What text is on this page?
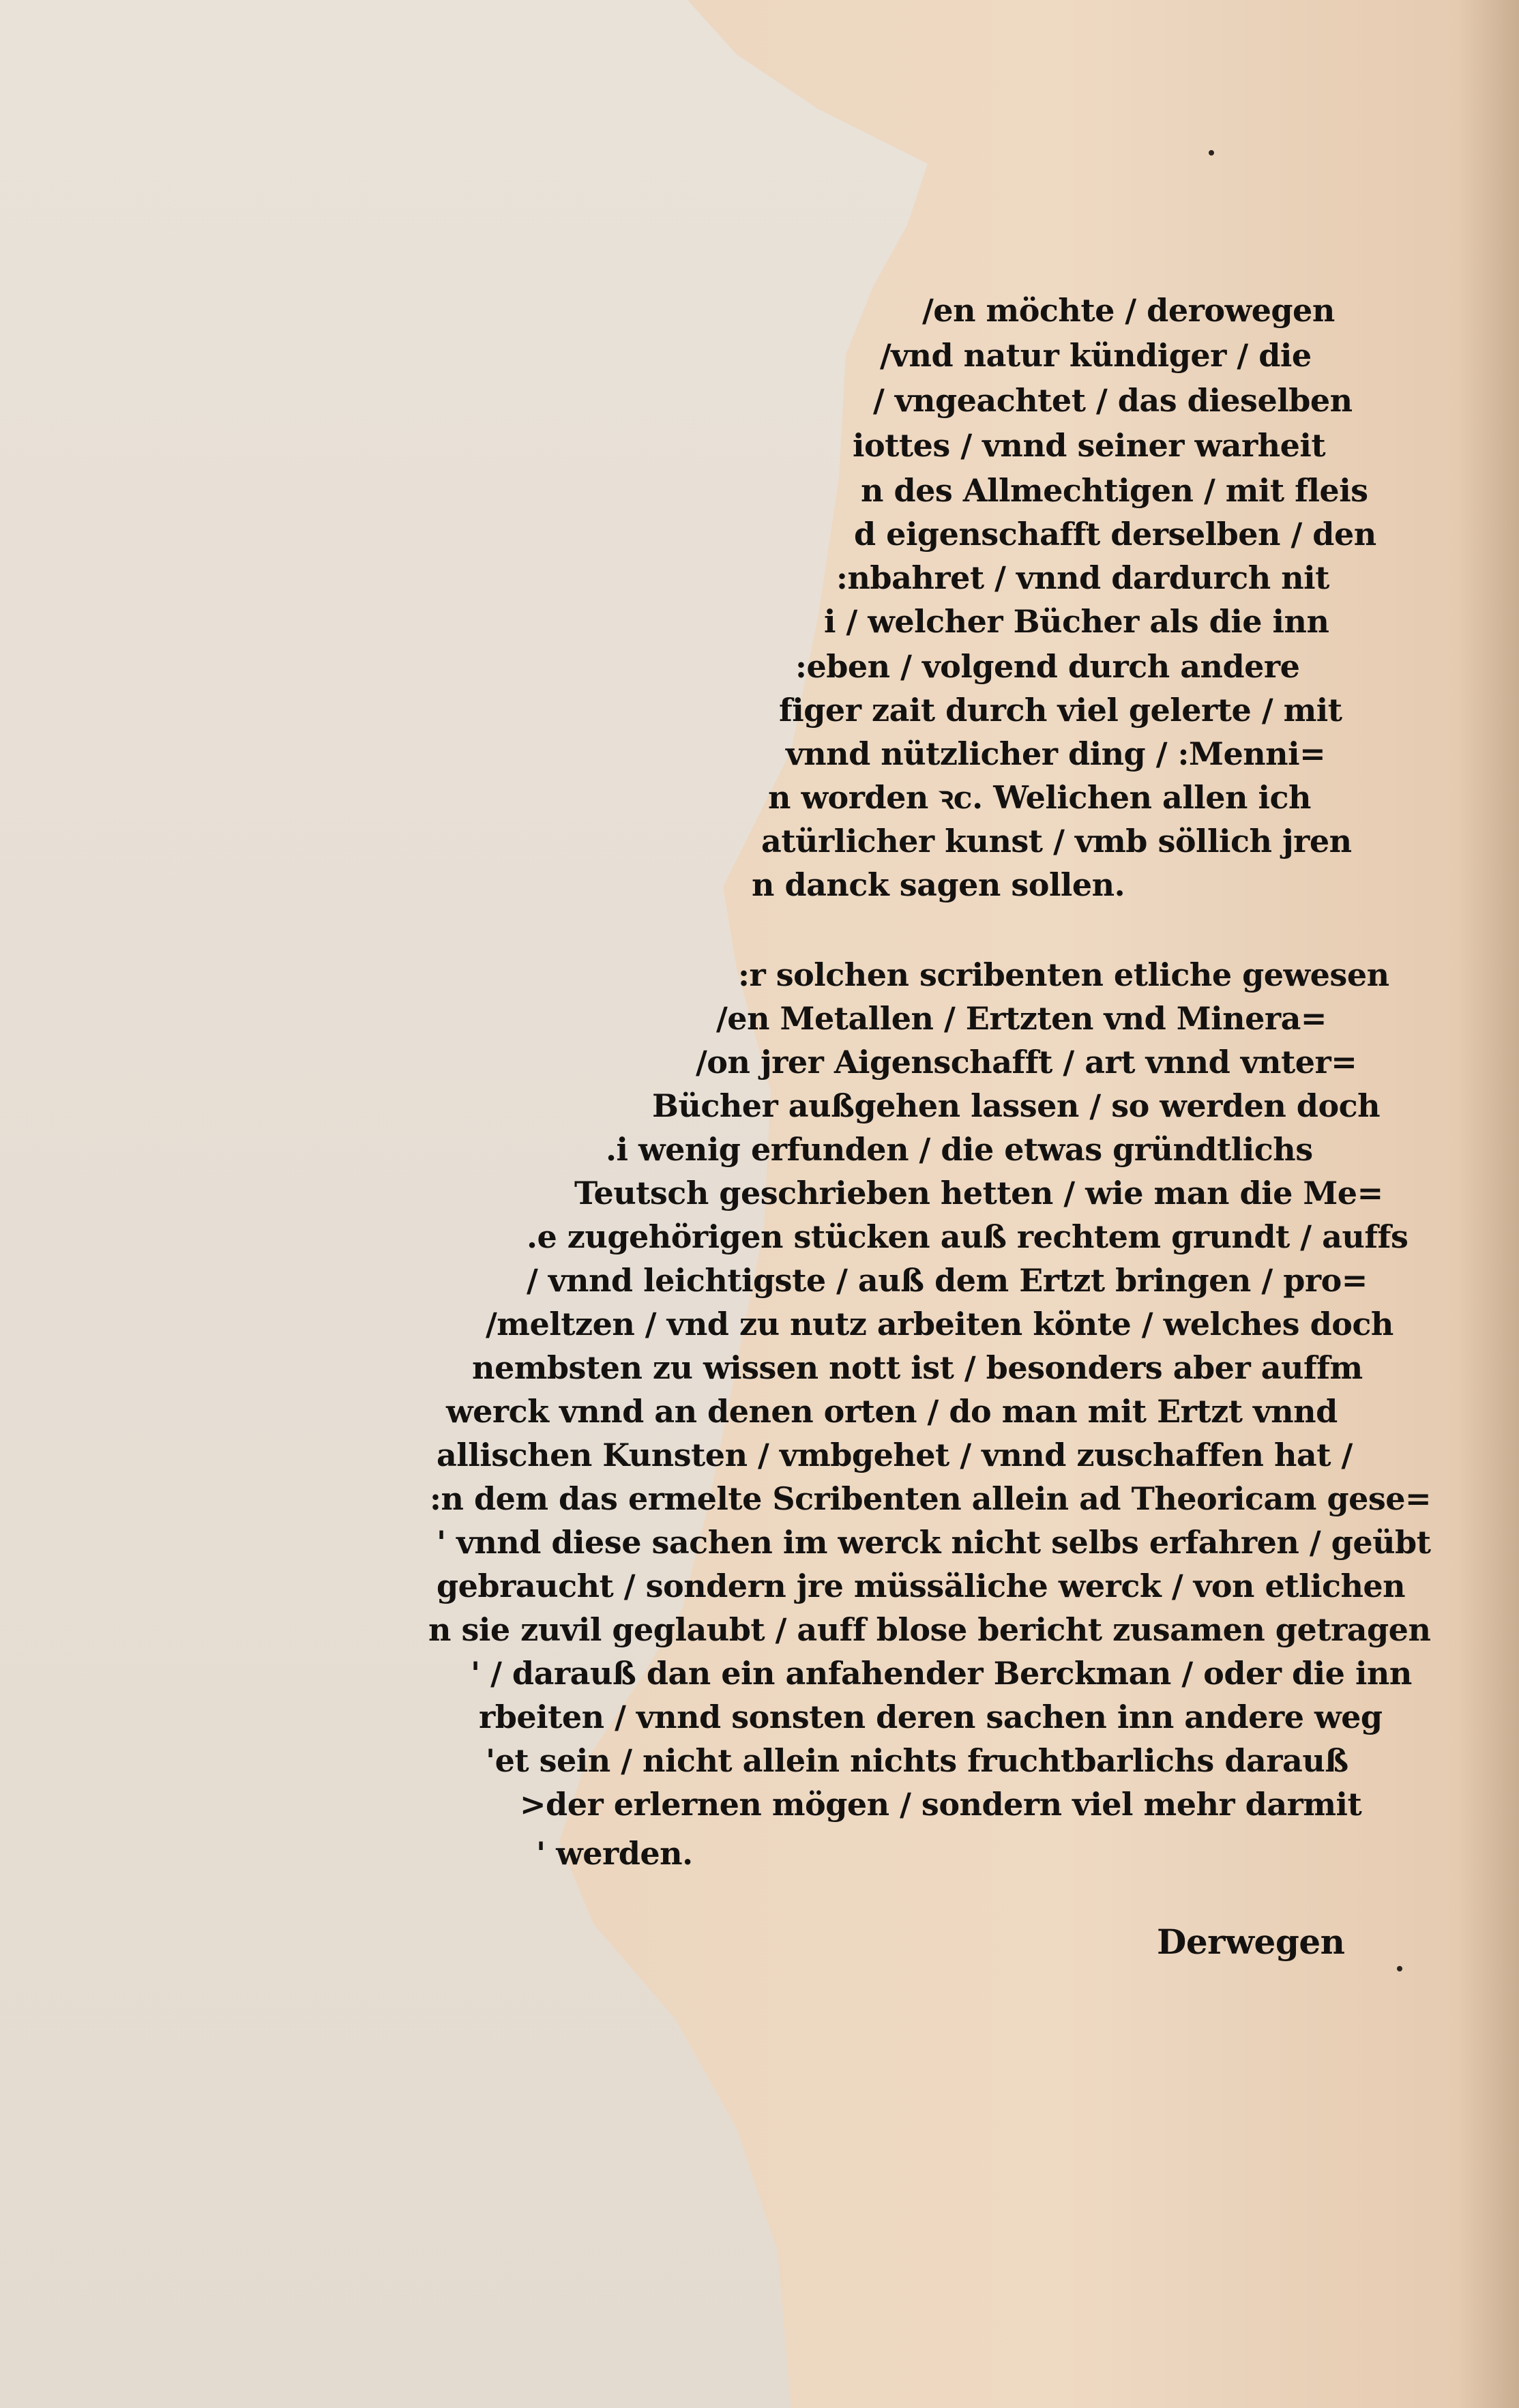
/en möchte / derowegen
/vnd natur kündiger / die
/ vngeachtet / das dieselben
iottes / vnnd seiner warheit
n des Allmechtigen / mit fleis
d eigenschafft derselben / den
:nbahret / vnnd dardurch nit
i / welcher Bücher als die inn
:eben / volgend durch andere
figer zait durch viel gelerte / mit
vnnd nützlicher ding / :Menni=
n worden ꝛc. Welichen allen ich
atürlicher kunst / vmb söllich jren
n danck sagen sollen.
:r solchen scribenten etliche gewesen
/en Metallen / Ertzten vnd Minera=
/on jrer Aigenschafft / art vnnd vnter=
Bücher außgehen lassen / so werden doch
.i wenig erfunden / die etwas gründtlichs
Teutsch geschrieben hetten / wie man die Me=
.e zugehörigen stücken auß rechtem grundt / auffs
/ vnnd leichtigste / auß dem Ertzt bringen / pro=
/meltzen / vnd zu nutz arbeiten könte / welches doch
nembsten zu wissen nott ist / besonders aber auffm
werck vnnd an denen orten / do man mit Ertzt vnnd
allischen Kunsten / vmbgehet / vnnd zuschaffen hat /
:n dem das ermelte Scribenten allein ad Theoricam gese=
' vnnd diese sachen im werck nicht selbs erfahren / geübt
gebraucht / sondern jre müssäliche werck / von etlichen
n sie zuvil geglaubt / auff blose bericht zusamen getragen
' / darauß dan ein anfahender Berckman / oder die inn
rbeiten / vnnd sonsten deren sachen inn andere weg
'et sein / nicht allein nichts fruchtbarlichs darauß
>der erlernen mögen / sondern viel mehr darmit
' werden.
Derwegen
